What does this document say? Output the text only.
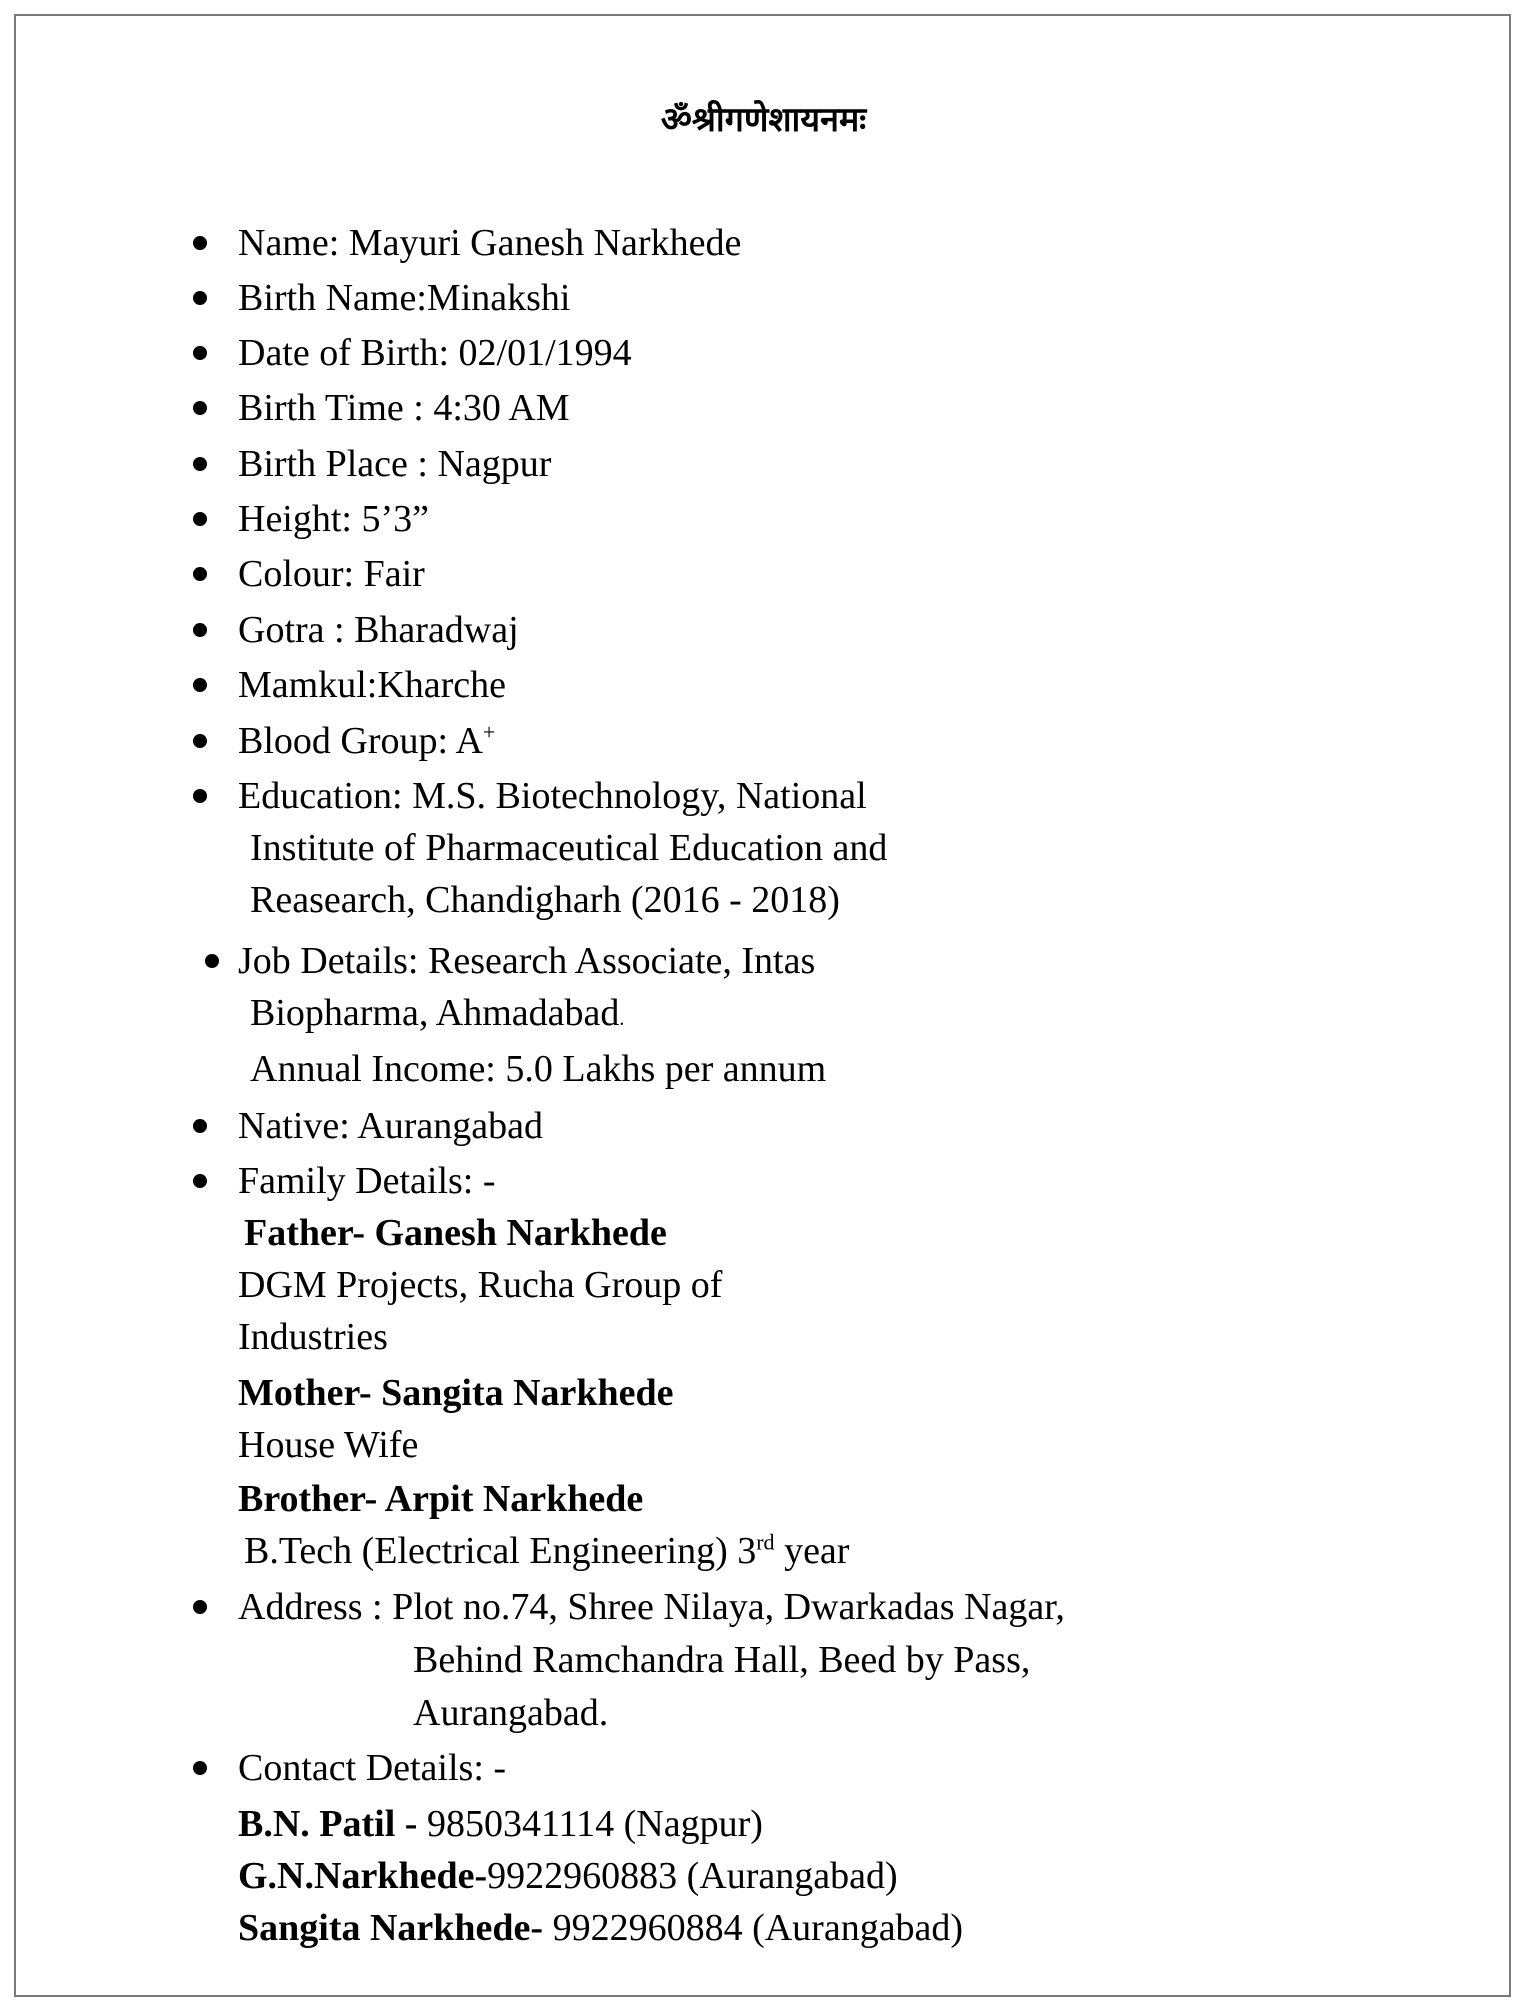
ॐश्रीगणेशायनमः
Name: Mayuri Ganesh Narkhede
Birth Name:Minakshi
Date of Birth: 02/01/1994
Birth Time : 4:30 AM
Birth Place : Nagpur
Height: 5’3”
Colour: Fair
Gotra : Bharadwaj
Mamkul:Kharche
Blood Group: A+
Education: M.S. Biotechnology, National
Institute of Pharmaceutical Education and
Reasearch, Chandigharh (2016 - 2018)
Job Details: Research Associate, Intas
Biopharma, Ahmadabad.
Annual Income: 5.0 Lakhs per annum
Native: Aurangabad
Family Details: -
Father- Ganesh Narkhede
DGM Projects, Rucha Group of
Industries
Mother- Sangita Narkhede
House Wife
Brother- Arpit Narkhede
B.Tech (Electrical Engineering) 3rd year
Address : Plot no.74, Shree Nilaya, Dwarkadas Nagar,
Behind Ramchandra Hall, Beed by Pass,
Aurangabad.
Contact Details: -
B.N. Patil - 9850341114 (Nagpur)
G.N.Narkhede-9922960883 (Aurangabad)
Sangita Narkhede- 9922960884 (Aurangabad)
